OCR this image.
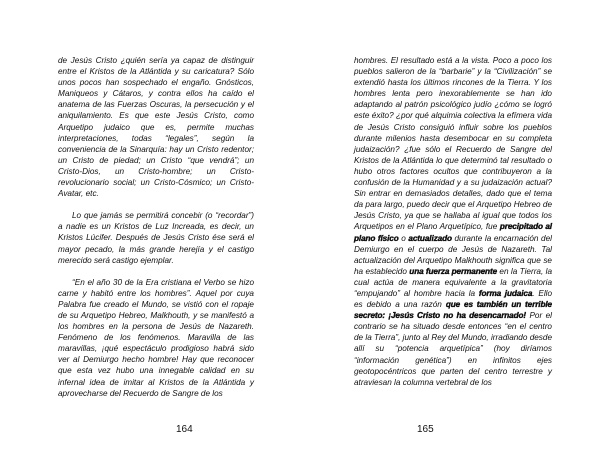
de Jesús Cristo ¿quién sería ya capaz de distinguir entre el Kristos de la Atlántida y su caricatura? Sólo unos pocos han sospechado el engaño. Gnósticos, Maniqueos y Cátaros, y contra ellos ha caído el anatema de las Fuerzas Oscuras, la persecución y el aniquilamiento. Es que este Jesús Cristo, como Arquetipo judaico que es, permite muchas interpretaciones, todas “legales”, según la conveniencia de la Sinarquía: hay un Cristo redentor; un Cristo de piedad; un Cristo “que vendrá”; un Cristo-Dios, un Cristo-hombre; un Cristo-revolucionario social; un Cristo-Cósmico; un Cristo-Avatar, etc.

Lo que jamás se permitirá concebir (o “recordar”) a nadie es un Kristos de Luz Increada, es decir, un Kristos Lúcifer. Después de Jesús Cristo ése será el mayor pecado, la más grande herejía y el castigo merecido será castigo ejemplar.

“En el año 30 de la Era cristiana el Verbo se hizo carne y habitó entre los hombres”. Aquel por cuya Palabra fue creado el Mundo, se vistió con el ropaje de su Arquetipo Hebreo, Malkhouth, y se manifestó a los hombres en la persona de Jesús de Nazareth. Fenómeno de los fenómenos. Maravilla de las maravillas, ¡qué espectáculo prodigioso habrá sido ver al Demiurgo hecho hombre! Hay que reconocer que esta vez hubo una innegable calidad en su infernal idea de imitar al Kristos de la Atlántida y aprovecharse del Recuerdo de Sangre de los

164

hombres. El resultado está a la vista. Poco a poco los pueblos salieron de la “barbarie” y la “Civilización” se extendió hasta los últimos rincones de la Tierra. Y los hombres lenta pero inexorablemente se han ido adaptando al patrón psicológico judío ¿cómo se logró este éxito? ¿por qué alquimia colectiva la efímera vida de Jesús Cristo consiguió influir sobre los pueblos durante milenios hasta desembocar en su completa judaización? ¿fue sólo el Recuerdo de Sangre del Kristos de la Atlántida lo que determinó tal resultado o hubo otros factores ocultos que contribuyeron a la confusión de la Humanidad y a su judaización actual? Sin entrar en demasiados detalles, dado que el tema da para largo, puedo decir que el Arquetipo Hebreo de Jesús Cristo, ya que se hallaba al igual que todos los Arquetipos en el Plano Arquetípico, fue precipitado al plano físico o actualizado durante la encarnación del Demiurgo en el cuerpo de Jesús de Nazareth. Tal actualización del Arquetipo Malkhouth significa que se ha establecido una fuerza permanente en la Tierra, la cual actúa de manera equivalente a la gravitatoria “empujando” al hombre hacia la forma judaica. Ello es debido a una razón que es también un terrible secreto: ¡Jesús Cristo no ha desencarnado! Por el contrario se ha situado desde entonces “en el centro de la Tierra”, junto al Rey del Mundo, irradiando desde allí su “potencia arquetípica” (hoy diríamos “información genética”) en infinitos ejes geotopocéntricos que parten del centro terrestre y atraviesan la columna vertebral de los

165
